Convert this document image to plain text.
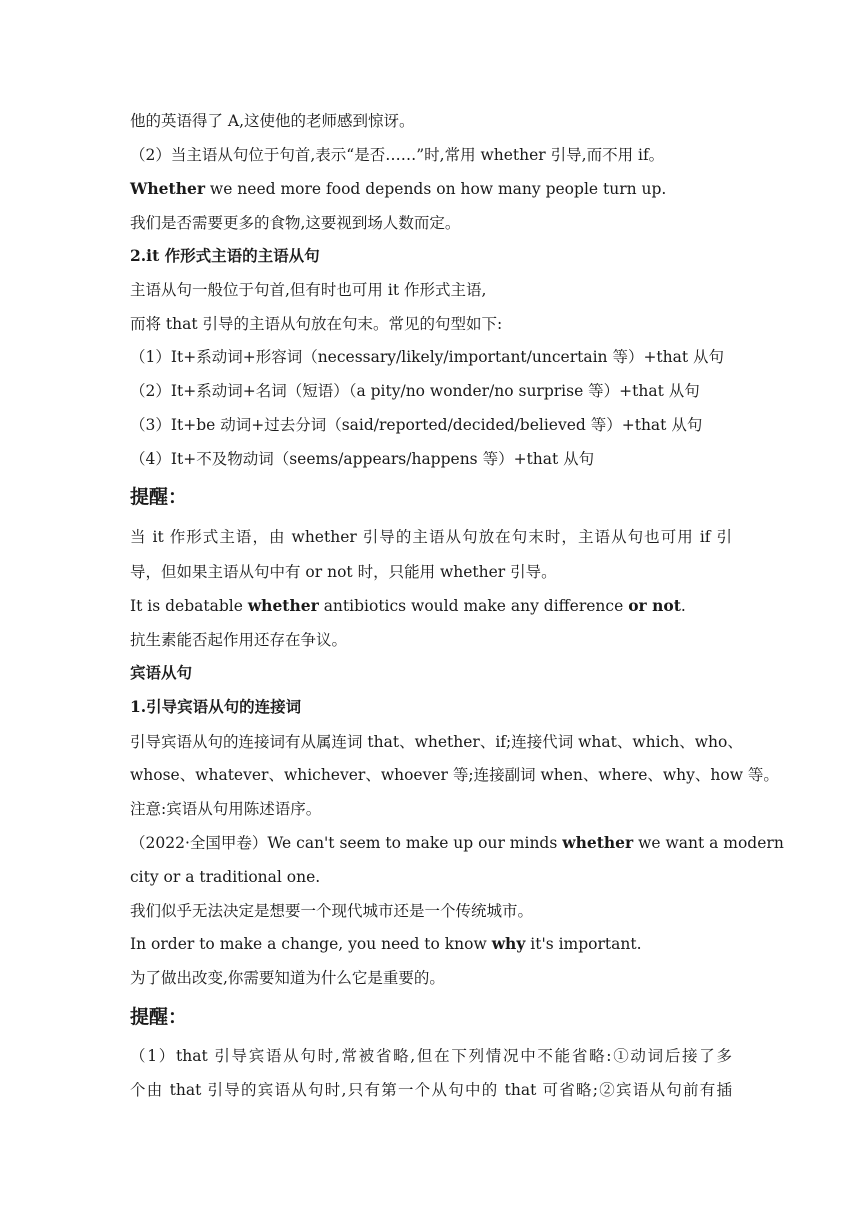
他的英语得了 A,这使他的老师感到惊讶。
（2）当主语从句位于句首,表示“是否……”时,常用 whether 引导,而不用 if。
Whether we need more food depends on how many people turn up.
我们是否需要更多的食物,这要视到场人数而定。
2.it 作形式主语的主语从句
主语从句一般位于句首,但有时也可用 it 作形式主语,
而将 that 引导的主语从句放在句末。常见的句型如下:
（1）It+系动词+形容词（necessary/likely/important/uncertain 等）+that 从句
（2）It+系动词+名词（短语）（a pity/no wonder/no surprise 等）+that 从句
（3）It+be 动词+过去分词（said/reported/decided/believed 等）+that 从句
（4）It+不及物动词（seems/appears/happens 等）+that 从句
提醒：
当 it 作形式主语，由 whether 引导的主语从句放在句末时，主语从句也可用 if 引
导，但如果主语从句中有 or not 时，只能用 whether 引导。
It is debatable whether antibiotics would make any difference or not.
抗生素能否起作用还存在争议。
宾语从句
1.引导宾语从句的连接词
引导宾语从句的连接词有从属连词 that、whether、if;连接代词 what、which、who、
whose、whatever、whichever、whoever 等;连接副词 when、where、why、how 等。
注意:宾语从句用陈述语序。
（2022·全国甲卷）We can't seem to make up our minds whether we want a modern
city or a traditional one.
我们似乎无法决定是想要一个现代城市还是一个传统城市。
In order to make a change, you need to know why it's important.
为了做出改变,你需要知道为什么它是重要的。
提醒：
（1）that 引导宾语从句时,常被省略,但在下列情况中不能省略:①动词后接了多
个由 that 引导的宾语从句时,只有第一个从句中的 that 可省略;②宾语从句前有插
